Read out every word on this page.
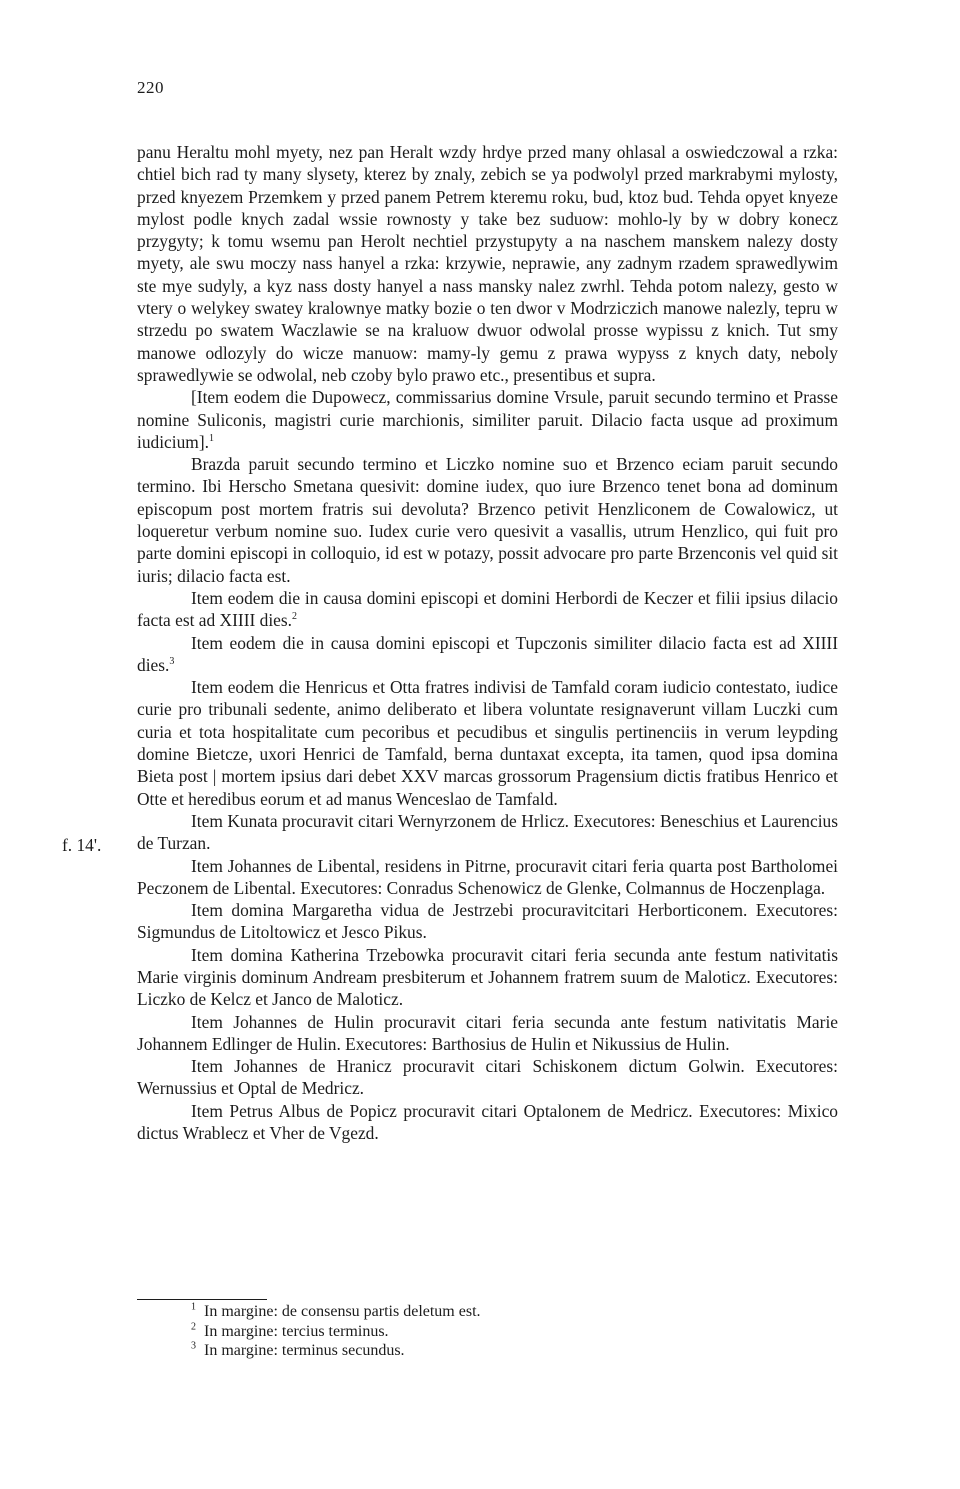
220

panu Heraltu mohl myety, nez pan Heralt wzdy hrdye przed many ohlasal a oswiedczowal a rzka: chtiel bich rad ty many slysety, kterez by znaly, zebich se ya podwolyl przed markrabymi mylosty, przed knyezem Przemkem y przed panem Petrem kteremu roku, bud, ktoz bud. Tehda opyet knyeze mylost podle knych zadal wssie rownosty y take bez suduow: mohlo-ly by w dobry konecz przygyty; k tomu wsemu pan Herolt nechtiel przystupyty a na naschem manskem nalezy dosty myety, ale swu moczy nass hanyel a rzka: krzywie, neprawie, any zadnym rzadem sprawedlywim ste mye sudyly, a kyz nass dosty hanyel a nass mansky nalez zwrhl. Tehda potom nalezy, gesto w vtery o welykey swatey kralownye matky bozie o ten dwor v Modrziczich manowe nalezly, tepru w strzedu po swatem Waczlawie se na kraluow dwuor odwolal prosse wypissu z knich. Tut smy manowe odlozyly do wicze manuow: mamy-ly gemu z prawa wypyss z knych daty, neboly sprawedlywie se odwolal, neb czoby bylo prawo etc., presentibus et supra.

[Item eodem die Dupowecz, commissarius domine Vrsule, paruit secundo termino et Prasse nomine Suliconis, magistri curie marchionis, similiter paruit. Dilacio facta usque ad proximum iudicium].$^1$

Brazda paruit secundo termino et Liczko nomine suo et Brzenco eciam paruit secundo termino. Ibi Herscho Smetana quesivit: domine iudex, quo iure Brzenco tenet bona ad dominum episcopum post mortem fratris sui devoluta? Brzenco petivit Henzliconem de Cowalowicz, ut loqueretur verbum nomine suo. Iudex curie vero quesivit a vasallis, utrum Henzlico, qui fuit pro parte domini episcopi in colloquio, id est w potazy, possit advocare pro parte Brzenconis vel quid sit iuris; dilacio facta est.

Item eodem die in causa domini episcopi et domini Herbordi de Keczer et filii ipsius dilacio facta est ad XIIII dies.$^2$

Item eodem die in causa domini episcopi et Tupczonis similiter dilacio facta est ad XIIII dies.$^3$

Item eodem die Henricus et Otta fratres indivisi de Tamfald coram iudicio contestato, iudice curie pro tribunali sedente, animo deliberato et libera voluntate resignaverunt villam Luczki cum curia et tota hospitalitate cum pecoribus et pecudibus et singulis pertinenciis in verum leypding domine Bietcze, uxori Henrici de Tamfald, berna duntaxat excepta, ita tamen, quod ipsa domina Bieta post | mortem ipsius dari debet XXV marcas grossorum Pragensium dictis fratibus Henrico et Otte et heredibus eorum et ad manus Wenceslao de Tamfald.

Item Kunata procuravit citari Wernyrzonem de Hrlicz. Executores: Beneschius et Laurencius de Turzan.

Item Johannes de Libental, residens in Pitrne, procuravit citari feria quarta post Bartholomei Peczonem de Libental. Executores: Conradus Schenowicz de Glenke, Colmannus de Hoczenplaga.

Item domina Margaretha vidua de Jestrzebi procuravitcitari Herborticonem. Executores: Sigmundus de Litoltowicz et Jesco Pikus.

Item domina Katherina Trzebowka procuravit citari feria secunda ante festum nativitatis Marie virginis dominum Andream presbiterum et Johannem fratrem suum de Maloticz. Executores: Liczko de Kelcz et Janco de Maloticz.

Item Johannes de Hulin procuravit citari feria secunda ante festum nativitatis Marie Johannem Edlinger de Hulin. Executores: Barthosius de Hulin et Nikussius de Hulin.

Item Johannes de Hranicz procuravit citari Schiskonem dictum Golwin. Executores: Wernussius et Optal de Medricz.

Item Petrus Albus de Popicz procuravit citari Optalonem de Medricz. Executores: Mixico dictus Wrablecz et Vher de Vgezd.

f. 14'.
$^1$ In margine: de consensu partis deletum est.
$^2$ In margine: tercius terminus.
$^3$ In margine: terminus secundus.
